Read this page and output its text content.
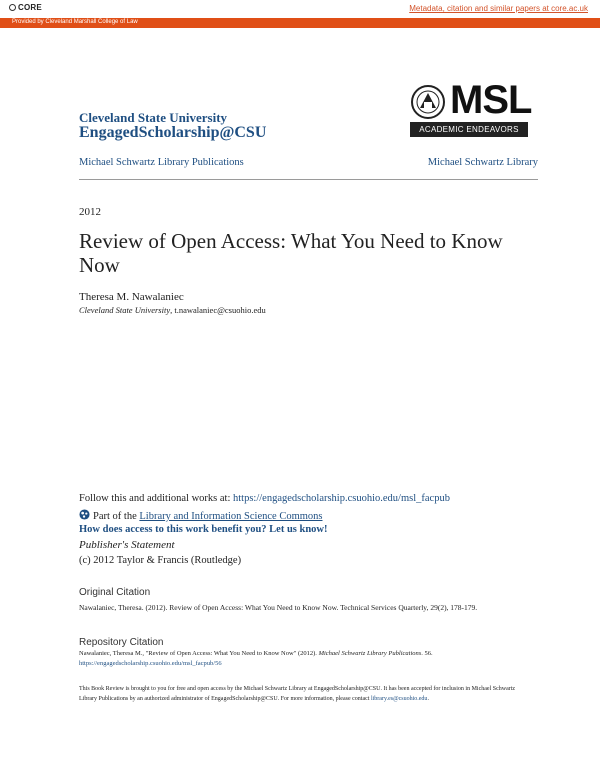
CORE	Metadata, citation and similar papers at core.ac.uk
Provided by Cleveland Marshall College of Law
Cleveland State University
EngagedScholarship@CSU
MSL
ACADEMIC ENDEAVORS
Michael Schwartz Library Publications	Michael Schwartz Library
2012
Review of Open Access: What You Need to Know Now
Theresa M. Nawalaniec
Cleveland State University, t.nawalaniec@csuohio.edu
Follow this and additional works at: https://engagedscholarship.csuohio.edu/msl_facpub
Part of the Library and Information Science Commons
How does access to this work benefit you? Let us know!
Publisher's Statement
(c) 2012 Taylor & Francis (Routledge)
Original Citation
Nawalaniec, Theresa. (2012). Review of Open Access: What You Need to Know Now. Technical Services Quarterly, 29(2), 178-179.
Repository Citation
Nawalaniec, Theresa M., "Review of Open Access: What You Need to Know Now" (2012). Michael Schwartz Library Publications. 56.
https://engagedscholarship.csuohio.edu/msl_facpub/56
This Book Review is brought to you for free and open access by the Michael Schwartz Library at EngagedScholarship@CSU. It has been accepted for inclusion in Michael Schwartz Library Publications by an authorized administrator of EngagedScholarship@CSU. For more information, please contact library.es@csuohio.edu.
